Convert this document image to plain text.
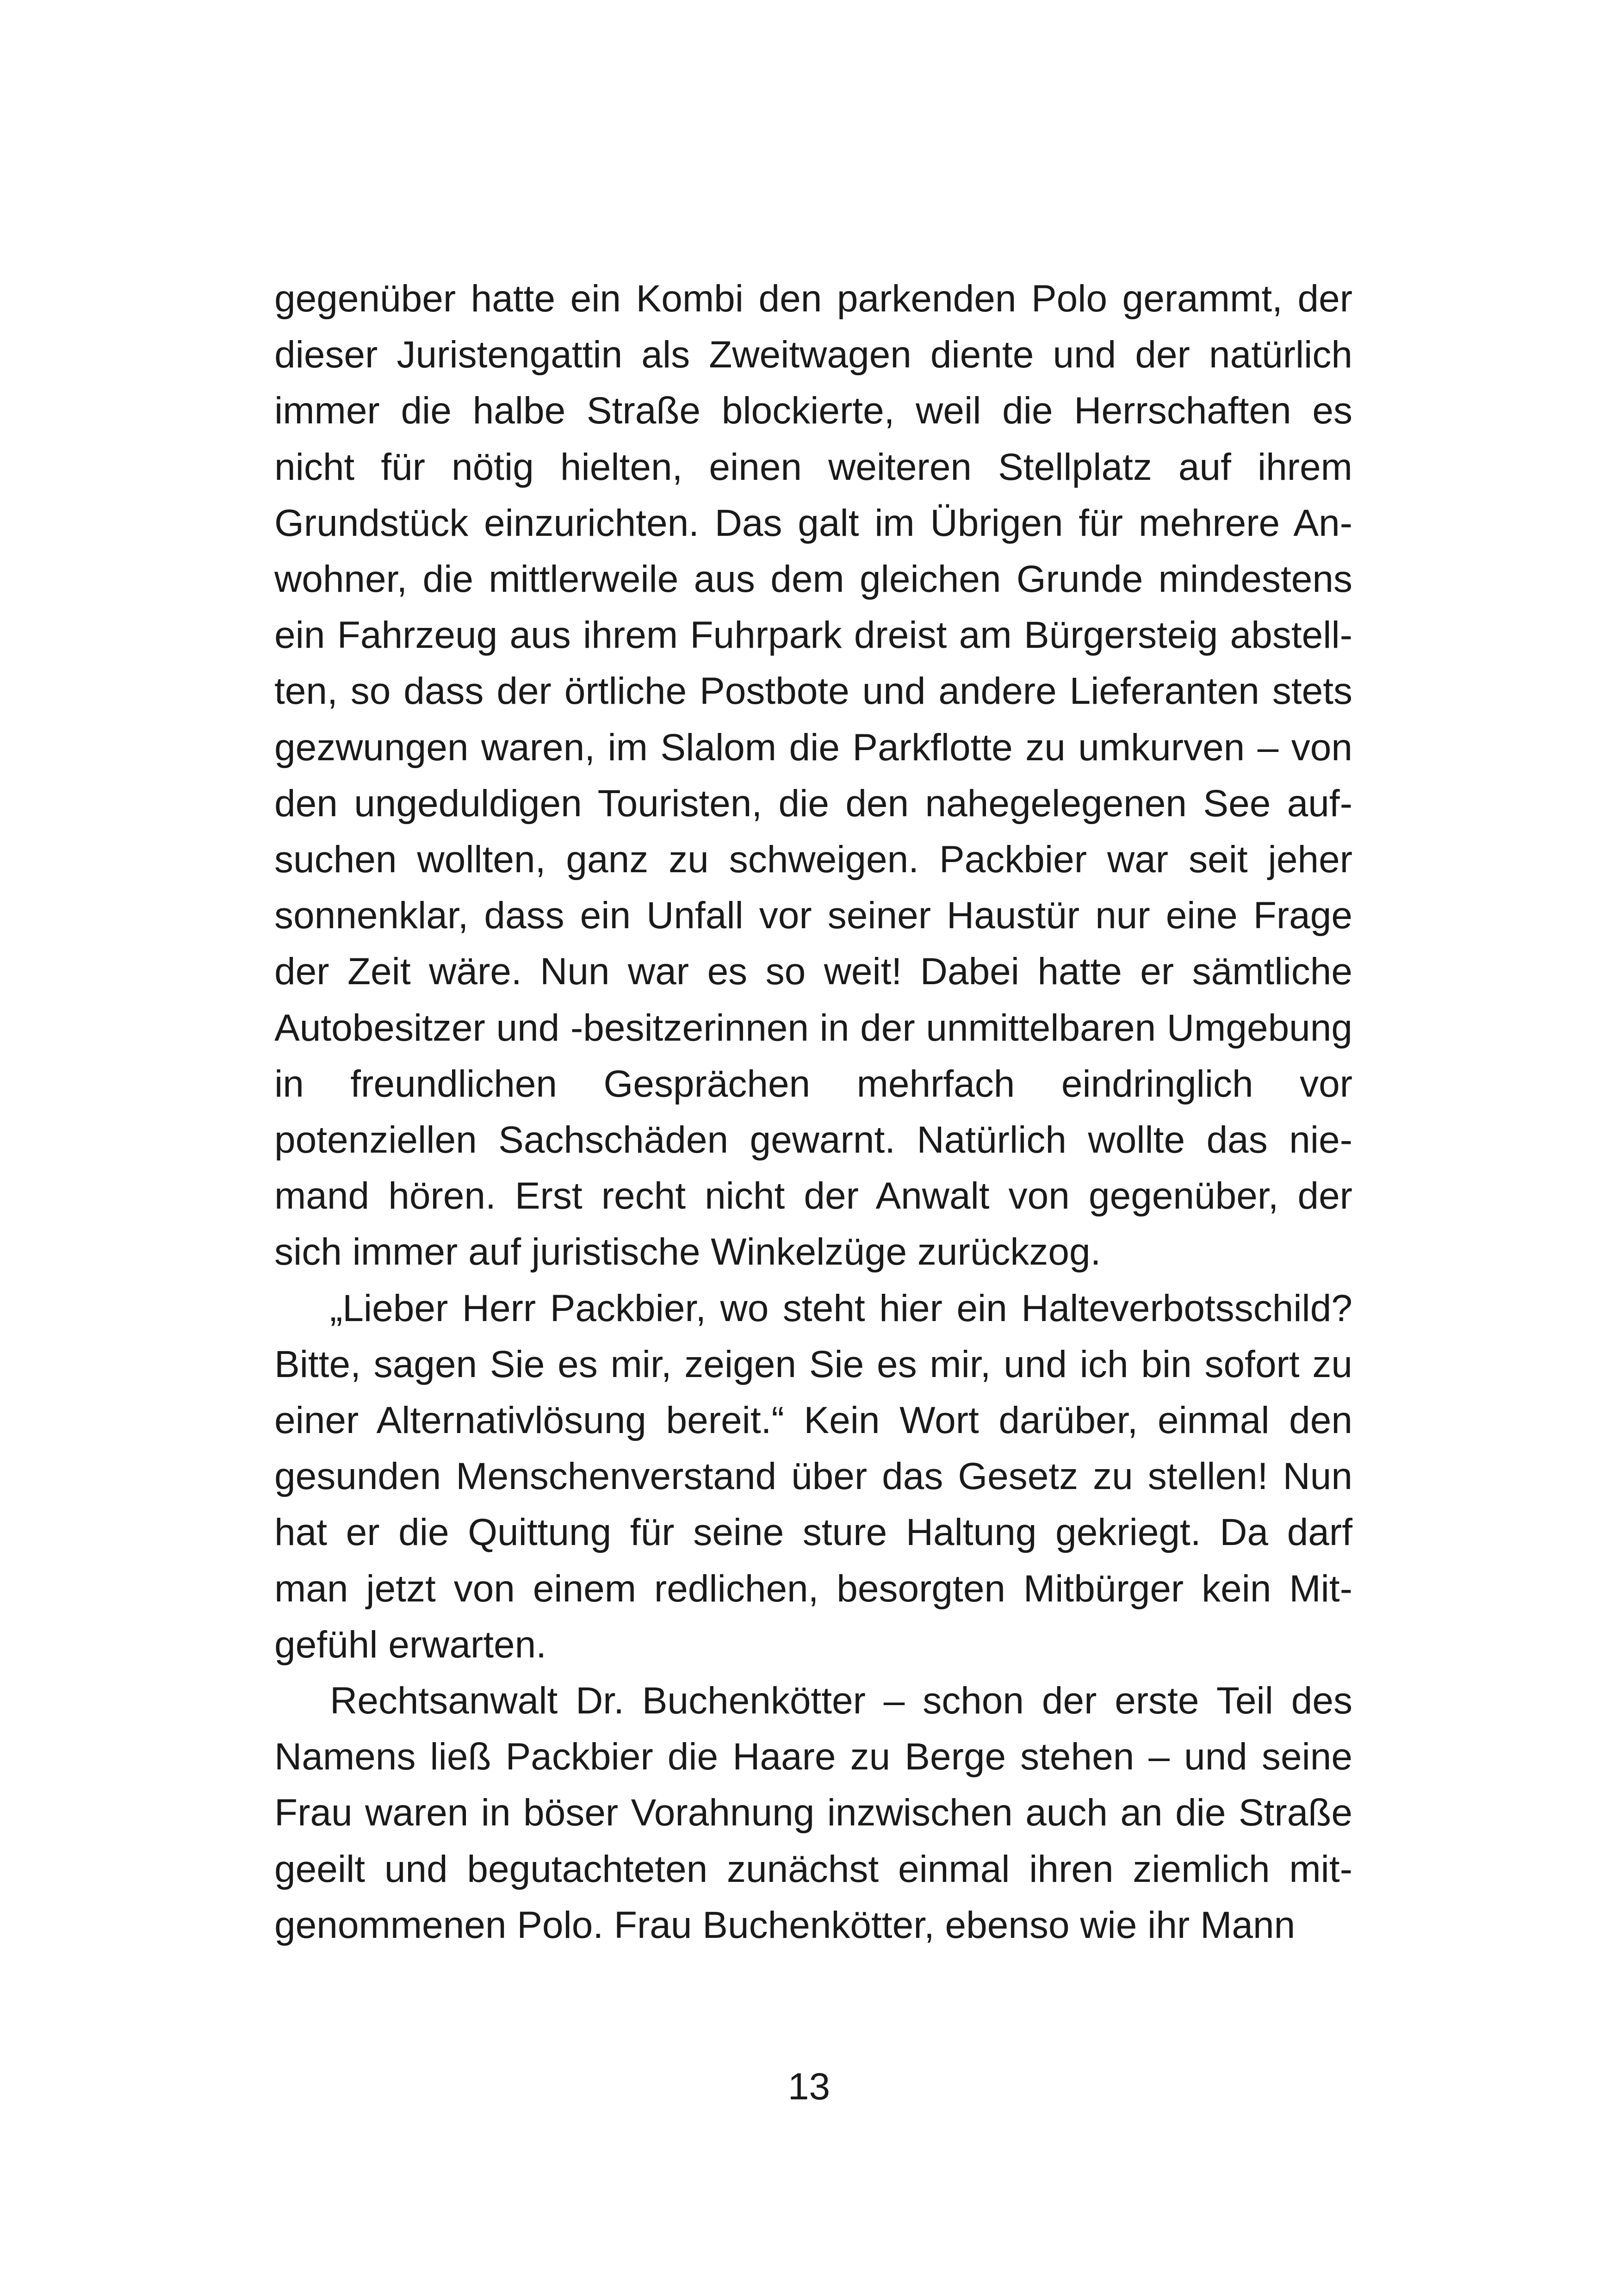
gegenüber hatte ein Kombi den parkenden Polo gerammt, der dieser Juristengattin als Zweitwagen diente und der natürlich immer die halbe Straße blockierte, weil die Herrschaften es nicht für nötig hielten, einen weiteren Stellplatz auf ihrem Grundstück einzurichten. Das galt im Übrigen für mehrere Anwohner, die mittlerweile aus dem gleichen Grunde mindestens ein Fahrzeug aus ihrem Fuhrpark dreist am Bürgersteig abstellten, so dass der örtliche Postbote und andere Lieferanten stets gezwungen waren, im Slalom die Parkflotte zu umkurven – von den ungeduldigen Touristen, die den nahegelegenen See aufsuchen wollten, ganz zu schweigen. Packbier war seit jeher sonnenklar, dass ein Unfall vor seiner Haustür nur eine Frage der Zeit wäre. Nun war es so weit! Dabei hatte er sämtliche Autobesitzer und -besitzerinnen in der unmittelbaren Umgebung in freundlichen Gesprächen mehrfach eindringlich vor potenziellen Sachschäden gewarnt. Natürlich wollte das niemand hören. Erst recht nicht der Anwalt von gegenüber, der sich immer auf juristische Winkelzüge zurückzog.

„Lieber Herr Packbier, wo steht hier ein Halteverbotsschild? Bitte, sagen Sie es mir, zeigen Sie es mir, und ich bin sofort zu einer Alternativlösung bereit.“ Kein Wort darüber, einmal den gesunden Menschenverstand über das Gesetz zu stellen! Nun hat er die Quittung für seine sture Haltung gekriegt. Da darf man jetzt von einem redlichen, besorgten Mitbürger kein Mitgefühl erwarten.

Rechtsanwalt Dr. Buchenkötter – schon der erste Teil des Namens ließ Packbier die Haare zu Berge stehen – und seine Frau waren in böser Vorahnung inzwischen auch an die Straße geeilt und begutachteten zunächst einmal ihren ziemlich mitgenommenen Polo. Frau Buchenkötter, ebenso wie ihr Mann

13
